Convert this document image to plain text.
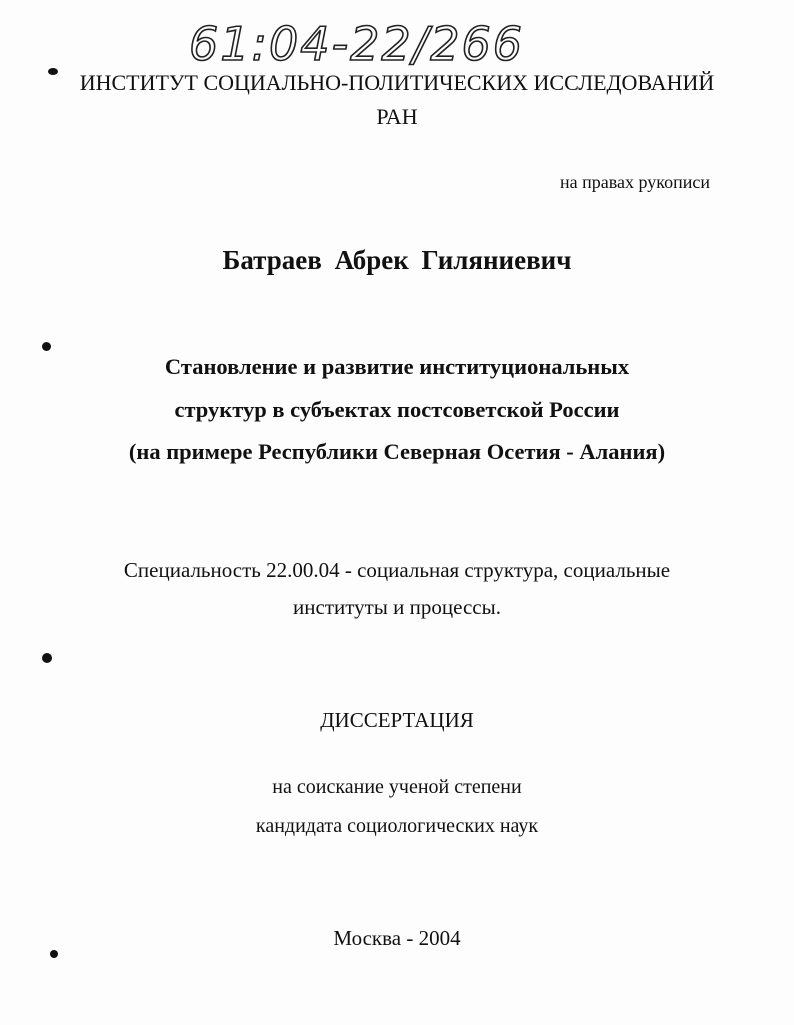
61:04-22/266
ИНСТИТУТ СОЦИАЛЬНО-ПОЛИТИЧЕСКИХ ИССЛЕДОВАНИЙ
РАН
на правах рукописи
Батраев Абрек Гиляниевич
Становление и развитие институциональных
структур в субъектах постсоветской России
(на примере Республики Северная Осетия - Алания)
Специальность 22.00.04 - социальная структура, социальные
институты и процессы.
ДИССЕРТАЦИЯ
на соискание ученой степени
кандидата социологических наук
Москва - 2004
